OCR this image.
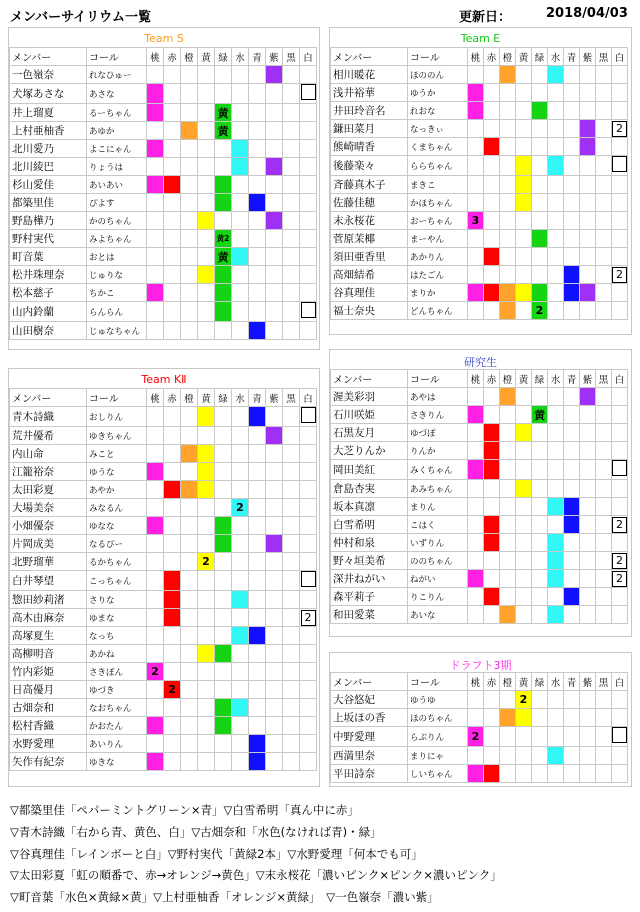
メンバーサイリウム一覧	更新日：	2018/04/03
Team S
メンバー	コール	桃	赤	橙	黄	緑	水	青	紫	黒	白
一色嶺奈	れなひゅー										
犬塚あさな	あさな										
井上瑠夏	るーちゃん					黄					
上村亜柚香	あゆか					黄					
北川愛乃	よこにゃん										
北川綾巴	りょうは										
杉山愛佳	あいあい										
都築里佳	ぴよす										
野島樺乃	かのちゃん										
野村実代	みよちゃん					黄2					
町音葉	おとは					黄					
松井珠理奈	じゅりな										
松本慈子	ちかこ										
山内鈴蘭	らんらん										
山田樹奈	じゅなちゃん										
Team E
メンバー	コール	桃	赤	橙	黄	緑	水	青	紫	黒	白
相川暖花	ほののん										
浅井裕華	ゆうか										
井田玲音名	れおな										
鎌田菜月	なっきぃ										2
熊崎晴香	くまちゃん										
後藤楽々	ららちゃん										
斉藤真木子	まきこ										
佐藤佳穂	かほちゃん										
末永桜花	おーちゃん	3									
菅原茉椰	まーやん										
須田亜香里	あかりん										
高畑結希	はたごん										2
谷真理佳	まりか										
福士奈央	どんちゃん					2					
Team KⅡ
メンバー	コール	桃	赤	橙	黄	緑	水	青	紫	黒	白
青木詩織	おしりん										
荒井優希	ゆきちゃん										
内山命	みこと										
江籠裕奈	ゆうな										
太田彩夏	あやか										
大場美奈	みなるん						2				
小畑優奈	ゆなな										
片岡成美	なるぴー										
北野瑠華	るかちゃん				2						
白井琴望	こっちゃん										
惣田紗莉渚	さりな										
高木由麻奈	ゆまな										2
高塚夏生	なっち										
高柳明音	あかね										
竹内彩姫	さきぽん	2									
日高優月	ゆづき		2								
古畑奈和	なおちゃん										
松村香織	かおたん										
水野愛理	あいりん										
矢作有紀奈	ゆきな										
研究生
メンバー	コール	桃	赤	橙	黄	緑	水	青	紫	黒	白
渥美彩羽	あやは										
石川咲姫	さきりん					黄					
石黒友月	ゆづぽ										
大芝りんか	りんか										
岡田美紅	みくちゃん										
倉島杏実	あみちゃん										
坂本真凛	まりん										
白雪希明	こはく										2
仲村和泉	いずりん										
野々垣美希	ののちゃん										2
深井ねがい	ねがい										2
森平莉子	りこりん										
和田愛菜	あいな										
ドラフト3期
メンバー	コール	桃	赤	橙	黄	緑	水	青	紫	黒	白
大谷悠妃	ゆうゆ				2						
上坂ほの香	ほのちゃん										
中野愛理	らぶりん	2									
西満里奈	まりにゃ										
平田詩奈	しいちゃん										
▽都築里佳「ペパーミントグリーン×青」▽白雪希明「真ん中に赤」
▽青木詩織「右から青、黄色、白」▽古畑奈和「水色(なければ青)・緑」
▽谷真理佳「レインボーと白」▽野村実代「黄緑2本」▽水野愛理「何本でも可」
▽太田彩夏「虹の順番で、赤→オレンジ→黄色」▽末永桜花「濃いピンク×ピンク×濃いピンク」
▽町音葉「水色×黄緑×黄」▽上村亜柚香「オレンジ×黄緑」　▽一色嶺奈「濃い紫」
